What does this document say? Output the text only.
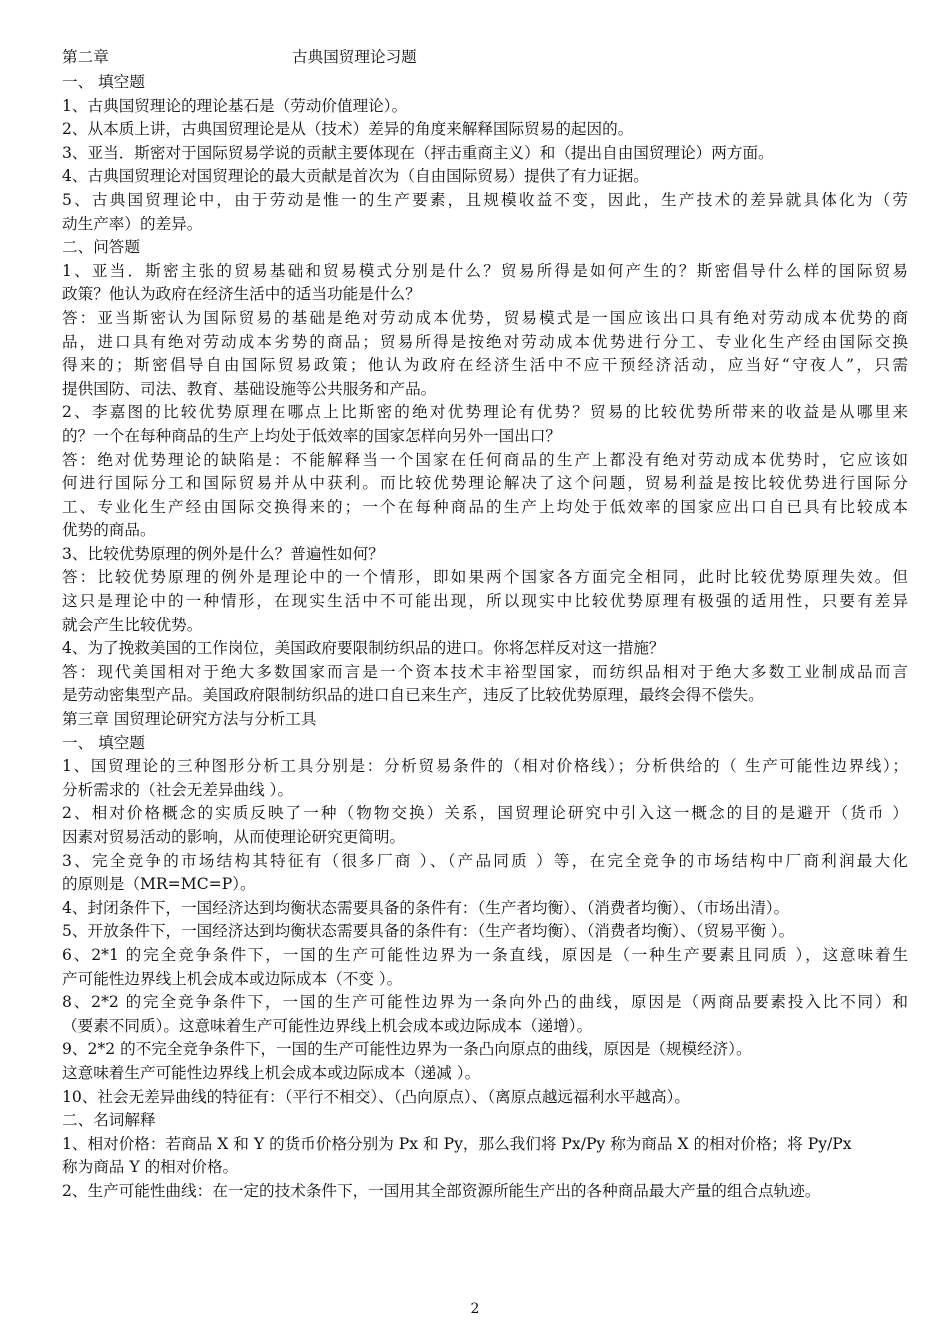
第二章	古典国贸理论习题
一、 填空题
1、古典国贸理论的理论基石是（劳动价值理论）。
2、从本质上讲，古典国贸理论是从（技术）差异的角度来解释国际贸易的起因的。
3、亚当．斯密对于国际贸易学说的贡献主要体现在（抨击重商主义）和（提出自由国贸理论）两方面。
4、古典国贸理论对国贸理论的最大贡献是首次为（自由国际贸易）提供了有力证据。
5、古典国贸理论中，由于劳动是惟一的生产要素，且规模收益不变，因此，生产技术的差异就具体化为（劳
动生产率）的差异。
二、问答题
1、亚当．斯密主张的贸易基础和贸易模式分别是什么？贸易所得是如何产生的？斯密倡导什么样的国际贸易
政策？他认为政府在经济生活中的适当功能是什么？
答：亚当斯密认为国际贸易的基础是绝对劳动成本优势，贸易模式是一国应该出口具有绝对劳动成本优势的商
品，进口具有绝对劳动成本劣势的商品；贸易所得是按绝对劳动成本优势进行分工、专业化生产经由国际交换
得来的；斯密倡导自由国际贸易政策；他认为政府在经济生活中不应干预经济活动，应当好“守夜人”，只需
提供国防、司法、教育、基础设施等公共服务和产品。
2、李嘉图的比较优势原理在哪点上比斯密的绝对优势理论有优势？贸易的比较优势所带来的收益是从哪里来
的？一个在每种商品的生产上均处于低效率的国家怎样向另外一国出口？
答：绝对优势理论的缺陷是：不能解释当一个国家在任何商品的生产上都没有绝对劳动成本优势时，它应该如
何进行国际分工和国际贸易并从中获利。而比较优势理论解决了这个问题，贸易利益是按比较优势进行国际分
工、专业化生产经由国际交换得来的；一个在每种商品的生产上均处于低效率的国家应出口自已具有比较成本
优势的商品。
3、比较优势原理的例外是什么？普遍性如何？
答：比较优势原理的例外是理论中的一个情形，即如果两个国家各方面完全相同，此时比较优势原理失效。但
这只是理论中的一种情形，在现实生活中不可能出现，所以现实中比较优势原理有极强的适用性，只要有差异
就会产生比较优势。
4、为了挽救美国的工作岗位，美国政府要限制纺织品的进口。你将怎样反对这一措施？
答：现代美国相对于绝大多数国家而言是一个资本技术丰裕型国家，而纺织品相对于绝大多数工业制成品而言
是劳动密集型产品。美国政府限制纺织品的进口自已来生产，违反了比较优势原理，最终会得不偿失。
第三章 国贸理论研究方法与分析工具
一、 填空题
1、国贸理论的三种图形分析工具分别是：分析贸易条件的（相对价格线）；分析供给的（ 生产可能性边界线）；
分析需求的（社会无差异曲线 ）。
2、相对价格概念的实质反映了一种（物物交换）关系，国贸理论研究中引入这一概念的目的是避开（货币 ）
因素对贸易活动的影响，从而使理论研究更简明。
3、完全竞争的市场结构其特征有（很多厂商 ）、（产品同质 ）等，在完全竞争的市场结构中厂商利润最大化
的原则是（MR=MC=P）。
4、封闭条件下，一国经济达到均衡状态需要具备的条件有：（生产者均衡）、（消费者均衡）、（市场出清）。
5、开放条件下，一国经济达到均衡状态需要具备的条件有：（生产者均衡）、（消费者均衡）、（贸易平衡 ）。
6、2*1 的完全竞争条件下，一国的生产可能性边界为一条直线，原因是（一种生产要素且同质 ），这意味着生
产可能性边界线上机会成本或边际成本（不变 ）。
8、2*2 的完全竞争条件下，一国的生产可能性边界为一条向外凸的曲线，原因是（两商品要素投入比不同）和
（要素不同质）。这意味着生产可能性边界线上机会成本或边际成本（递增）。
9、2*2 的不完全竞争条件下，一国的生产可能性边界为一条凸向原点的曲线，原因是（规模经济）。
这意味着生产可能性边界线上机会成本或边际成本（递减 ）。
10、社会无差异曲线的特征有：（平行不相交）、（凸向原点）、（离原点越远福利水平越高）。
二、名词解释
1、相对价格：若商品 X 和 Y 的货币价格分别为 Px 和 Py，那么我们将 Px/Py 称为商品 X 的相对价格；将 Py/Px
称为商品 Y 的相对价格。
2、生产可能性曲线：在一定的技术条件下，一国用其全部资源所能生产出的各种商品最大产量的组合点轨迹。
2
